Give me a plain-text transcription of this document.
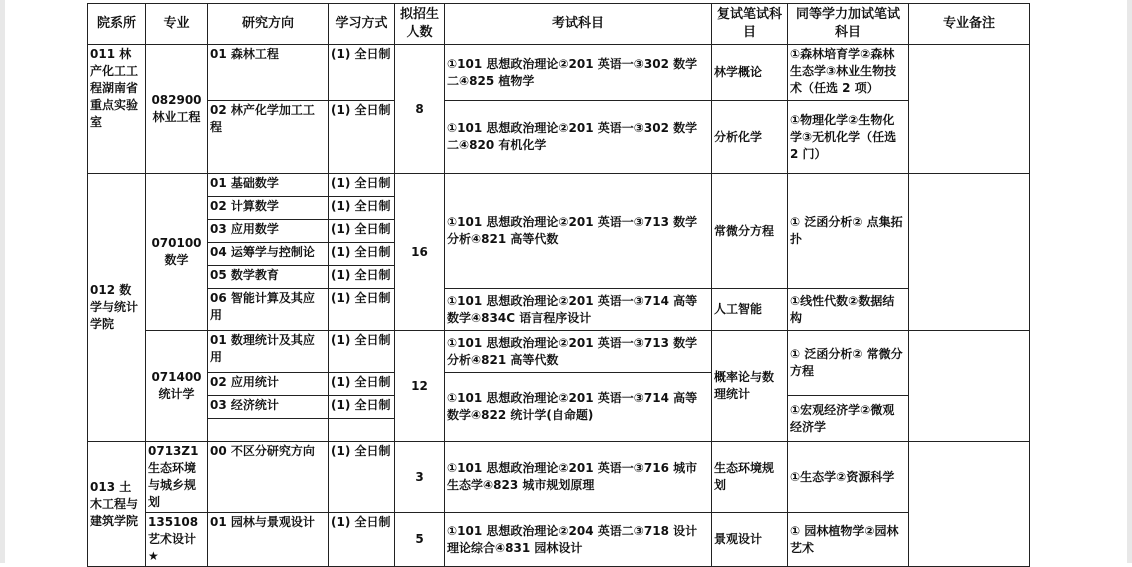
院系所	专业	研究方向	学习方式	拟招生人数	考试科目	复试笔试科目	同等学力加试笔试科目	专业备注
011 林产化工工程湖南省重点实验室	082900 林业工程	01 森林工程	(1) 全日制	8	①101 思想政治理论②201 英语一③302 数学二④825 植物学	林学概论	①森林培育学②森林生态学③林业生物技术（任选 2 项）	
		02 林产化学加工工程	(1) 全日制		①101 思想政治理论②201 英语一③302 数学二④820 有机化学	分析化学	①物理化学②生物化学③无机化学（任选 2 门）	
012 数学与统计学院	070100 数学	01 基础数学	(1) 全日制	16	①101 思想政治理论②201 英语一③713 数学分析④821 高等代数	常微分方程	① 泛函分析② 点集拓扑	
		02 计算数学	(1) 全日制					
		03 应用数学	(1) 全日制					
		04 运筹学与控制论	(1) 全日制					
		05 数学教育	(1) 全日制					
		06 智能计算及其应用	(1) 全日制		①101 思想政治理论②201 英语一③714 高等数学④834C 语言程序设计	人工智能	①线性代数②数据结构	
	071400 统计学	01 数理统计及其应用	(1) 全日制	12	①101 思想政治理论②201 英语一③713 数学分析④821 高等代数	概率论与数理统计	① 泛函分析② 常微分方程	
		02 应用统计	(1) 全日制		①101 思想政治理论②201 英语一③714 高等数学④822 统计学(自命题)			
		03 经济统计	(1) 全日制				①宏观经济学②微观经济学	

013 土木工程与建筑学院	0713Z1 生态环境与城乡规划	00 不区分研究方向	(1) 全日制	3	①101 思想政治理论②201 英语一③716 城市生态学④823 城市规划原理	生态环境规划	①生态学②资源科学	
	135108 艺术设计★	01 园林与景观设计	(1) 全日制	5	①101 思想政治理论②204 英语二③718 设计理论综合④831 园林设计	景观设计	① 园林植物学②园林艺术	
